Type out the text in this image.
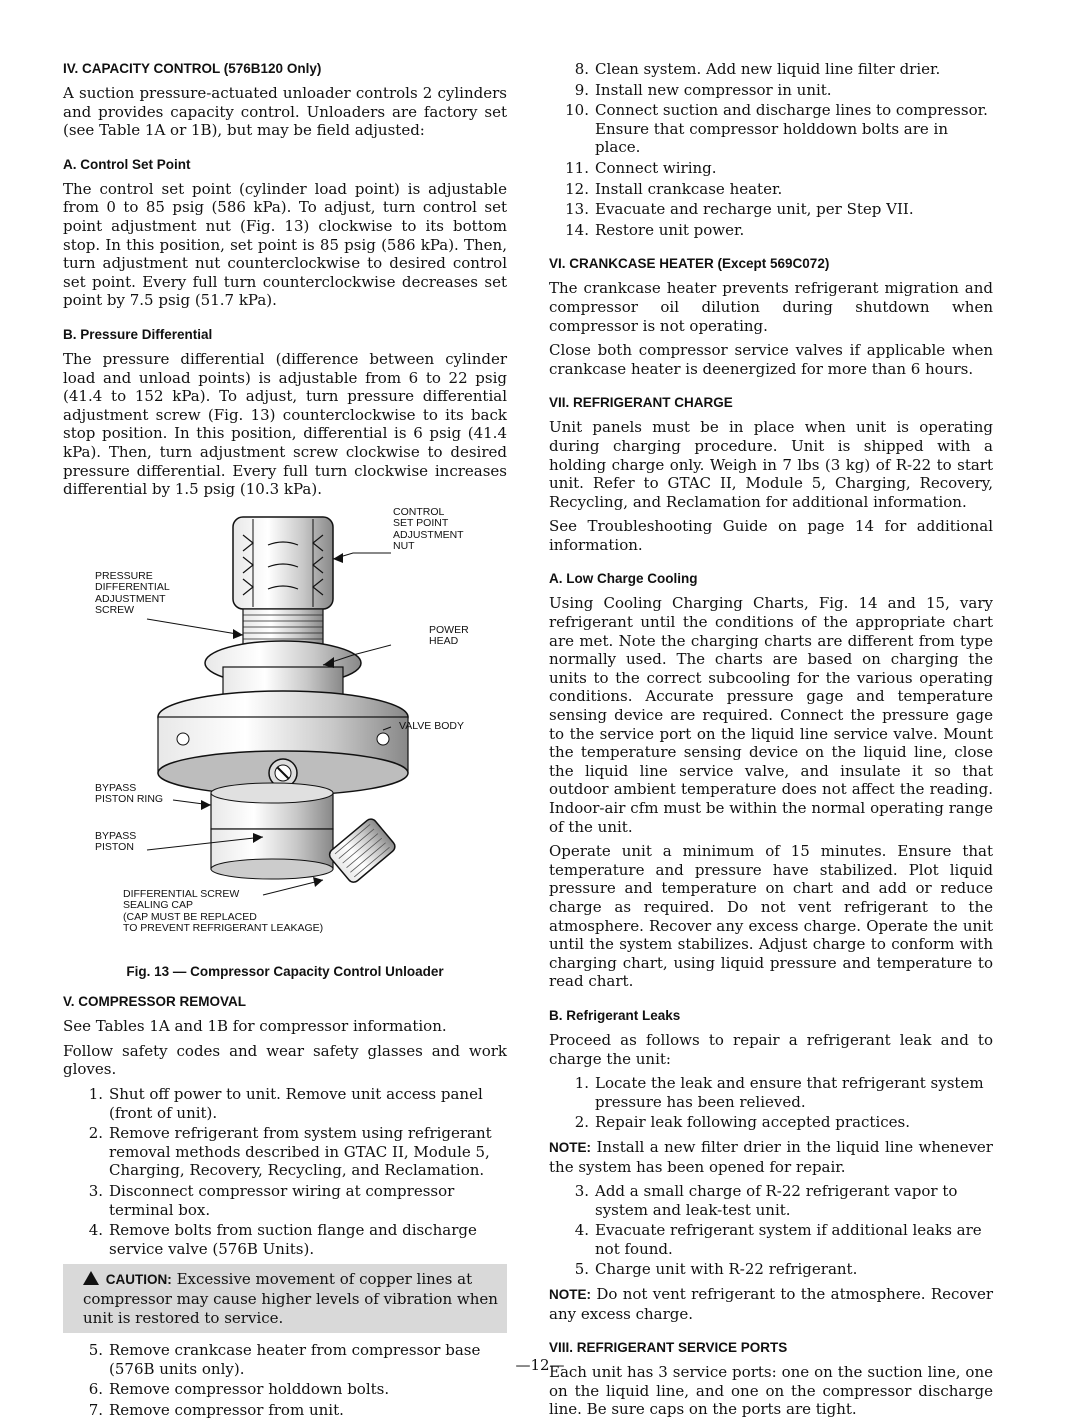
IV. CAPACITY CONTROL (576B120 Only)

A suction pressure-actuated unloader controls 2 cylinders and provides capacity control. Unloaders are factory set (see Table 1A or 1B), but may be field adjusted:

A. Control Set Point

The control set point (cylinder load point) is adjustable from 0 to 85 psig (586 kPa). To adjust, turn control set point adjustment nut (Fig. 13) clockwise to its bottom stop. In this position, set point is 85 psig (586 kPa). Then, turn adjustment nut counterclockwise to desired control set point. Every full turn counterclockwise decreases set point by 7.5 psig (51.7 kPa).

B. Pressure Differential

The pressure differential (difference between cylinder load and unload points) is adjustable from 6 to 22 psig (41.4 to 152 kPa). To adjust, turn pressure differential adjustment screw (Fig. 13) counterclockwise to its back stop position. In this position, differential is 6 psig (41.4 kPa). Then, turn adjustment screw clockwise to desired pressure differential. Every full turn clockwise increases differential by 1.5 psig (10.3 kPa).

CONTROL
SET POINT
ADJUSTMENT
NUT
PRESSURE
DIFFERENTIAL
ADJUSTMENT
SCREW
POWER
HEAD
VALVE BODY
BYPASS
PISTON RING
BYPASS
PISTON
DIFFERENTIAL SCREW
SEALING CAP
(CAP MUST BE REPLACED
TO PREVENT REFRIGERANT LEAKAGE)
Fig. 13 — Compressor Capacity Control Unloader
V. COMPRESSOR REMOVAL

See Tables 1A and 1B for compressor information.

Follow safety codes and wear safety glasses and work gloves.

1. Shut off power to unit. Remove unit access panel (front of unit).
2. Remove refrigerant from system using refrigerant removal methods described in GTAC II, Module 5, Charging, Recovery, Recycling, and Reclamation.
3. Disconnect compressor wiring at compressor terminal box.
4. Remove bolts from suction flange and discharge service valve (576B Units).
CAUTION: Excessive movement of copper lines at compressor may cause higher levels of vibration when unit is restored to service.
5. Remove crankcase heater from compressor base (576B units only).
6. Remove compressor holddown bolts.
7. Remove compressor from unit.
8. Clean system. Add new liquid line filter drier.
9. Install new compressor in unit.
10. Connect suction and discharge lines to compressor. Ensure that compressor holddown bolts are in place.
11. Connect wiring.
12. Install crankcase heater.
13. Evacuate and recharge unit, per Step VII.
14. Restore unit power.
VI. CRANKCASE HEATER (Except 569C072)

The crankcase heater prevents refrigerant migration and compressor oil dilution during shutdown when compressor is not operating.

Close both compressor service valves if applicable when crankcase heater is deenergized for more than 6 hours.

VII. REFRIGERANT CHARGE

Unit panels must be in place when unit is operating during charging procedure. Unit is shipped with a holding charge only. Weigh in 7 lbs (3 kg) of R-22 to start unit. Refer to GTAC II, Module 5, Charging, Recovery, Recycling, and Reclamation for additional information.

See Troubleshooting Guide on page 14 for additional information.

A. Low Charge Cooling

Using Cooling Charging Charts, Fig. 14 and 15, vary refrigerant until the conditions of the appropriate chart are met. Note the charging charts are different from type normally used. The charts are based on charging the units to the correct subcooling for the various operating conditions. Accurate pressure gage and temperature sensing device are required. Connect the pressure gage to the service port on the liquid line service valve. Mount the temperature sensing device on the liquid line, close the liquid line service valve, and insulate it so that outdoor ambient temperature does not affect the reading. Indoor-air cfm must be within the normal operating range of the unit.

Operate unit a minimum of 15 minutes. Ensure that temperature and pressure have stabilized. Plot liquid pressure and temperature on chart and add or reduce charge as required. Do not vent refrigerant to the atmosphere. Recover any excess charge. Operate the unit until the system stabilizes. Adjust charge to conform with charging chart, using liquid pressure and temperature to read chart.

B. Refrigerant Leaks

Proceed as follows to repair a refrigerant leak and to charge the unit:

1. Locate the leak and ensure that refrigerant system pressure has been relieved.
2. Repair leak following accepted practices.

NOTE: Install a new filter drier in the liquid line whenever the system has been opened for repair.

3. Add a small charge of R-22 refrigerant vapor to system and leak-test unit.
4. Evacuate refrigerant system if additional leaks are not found.
5. Charge unit with R-22 refrigerant.

NOTE: Do not vent refrigerant to the atmosphere. Recover any excess charge.

VIII. REFRIGERANT SERVICE PORTS

Each unit has 3 service ports: one on the suction line, one on the liquid line, and one on the compressor discharge line. Be sure caps on the ports are tight.

—12—
